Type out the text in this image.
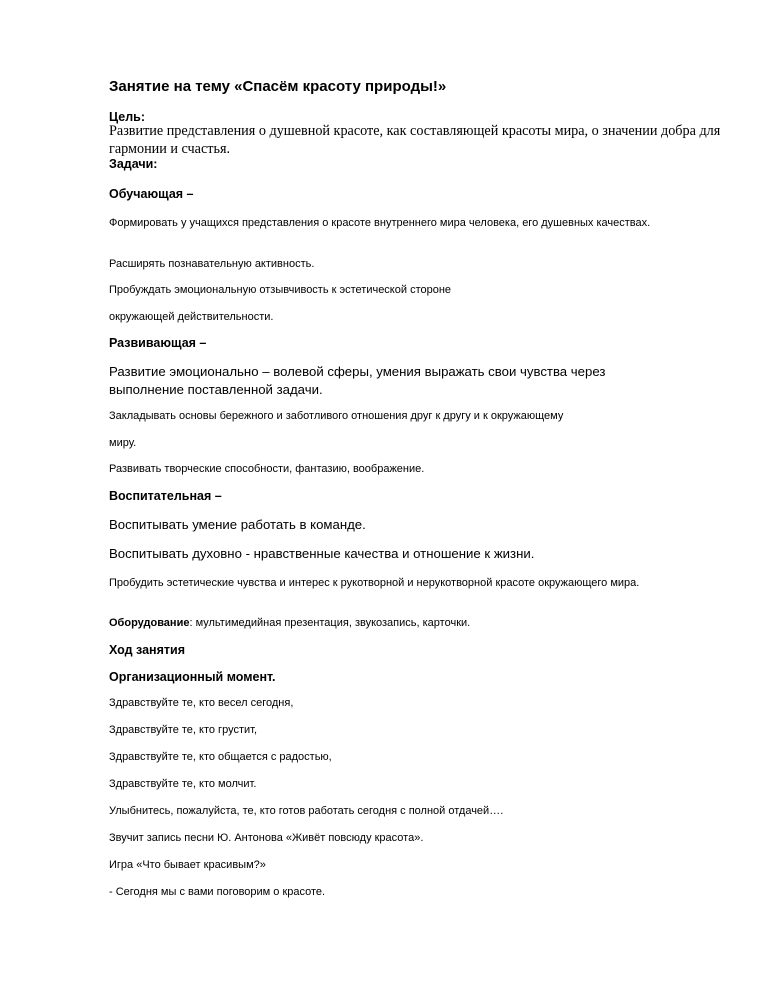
Занятие на тему «Спасём красоту природы!»
Цель:
Развитие представления о душевной красоте, как составляющей красоты мира, о значении добра для гармонии и счастья.
Задачи:
Обучающая –
Формировать у учащихся представления о красоте внутреннего мира человека, его душевных качествах.
Расширять познавательную активность.
Пробуждать эмоциональную отзывчивость к эстетической стороне
окружающей действительности.
Развивающая –
Развитие эмоционально – волевой сферы, умения выражать свои чувства через выполнение поставленной задачи.
Закладывать основы бережного и заботливого отношения друг к другу и к окружающему
миру.
Развивать творческие способности, фантазию, воображение.
Воспитательная –
Воспитывать умение работать в команде.
Воспитывать духовно - нравственные качества и отношение к жизни.
Пробудить эстетические чувства и интерес к рукотворной и нерукотворной красоте окружающего мира.
Оборудование: мультимедийная презентация, звукозапись, карточки.
Ход занятия
Организационный момент.
Здравствуйте те, кто весел сегодня,
Здравствуйте те, кто грустит,
Здравствуйте те, кто общается с радостью,
Здравствуйте те, кто молчит.
Улыбнитесь, пожалуйста, те, кто готов работать сегодня с полной отдачей….
Звучит запись песни Ю. Антонова «Живёт повсюду красота».
Игра «Что бывает красивым?»
- Сегодня мы с вами поговорим о красоте.
